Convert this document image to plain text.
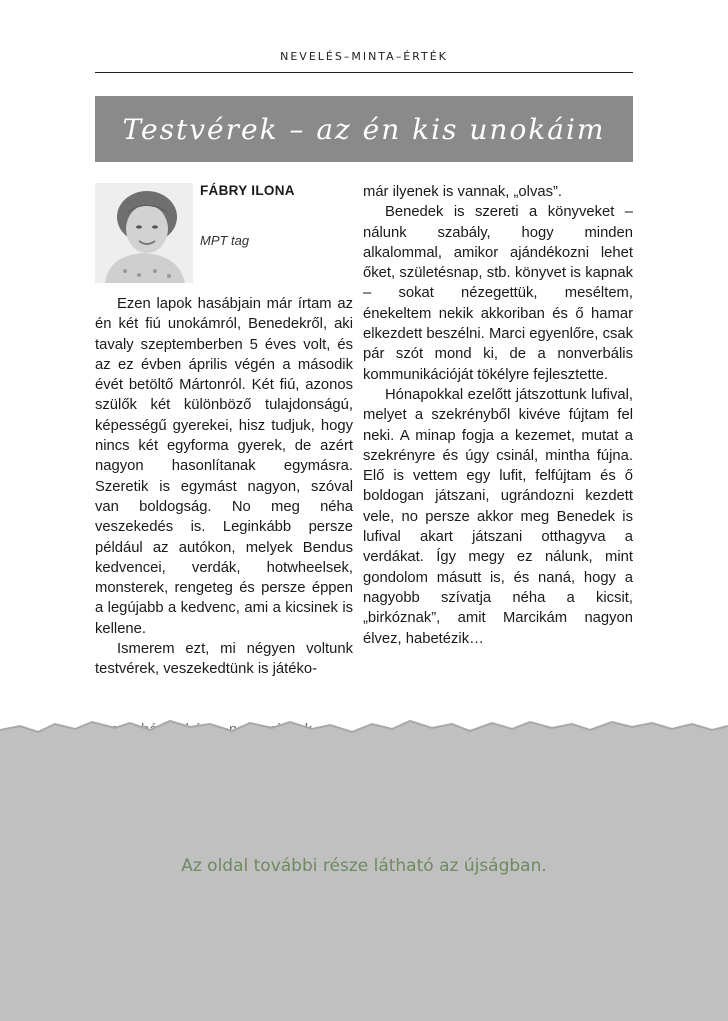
NEVELÉS–MINTA–ÉRTÉK
Testvérek – az én kis unokáim
FÁBRY ILONA
MPT tag

Ezen lapok hasábjain már írtam az én két fiú unokámról, Benedekről, aki tavaly szeptemberben 5 éves volt, és az ez évben április végén a második évét betöltő Mártonról. Két fiú, azonos szülők két különböző tulajdonságú, képességű gyerekei, hisz tudjuk, hogy nincs két egyforma gyerek, de azért nagyon hasonlítanak egymásra. Szeretik is egymást nagyon, szóval van boldogság. No meg néha veszekedés is. Leginkább persze például az autókon, melyek Bendus kedvencei, verdák, hotwheelsek, monsterek, rengeteg és persze éppen a legújabb a kedvenc, ami a kicsinek is kellene.

Ismerem ezt, mi négyen voltunk testvérek, veszekedtünk is játéko-

már ilyenek is vannak, „olvas”.

Benedek is szereti a könyveket – nálunk szabály, hogy minden alkalommal, amikor ajándékozni lehet őket, születésnap, stb. könyvet is kapnak – sokat nézegettük, meséltem, énekeltem nekik akkoriban és ő hamar elkezdett beszélni. Marci egyenlőre, csak pár szót mond ki, de a nonverbális kommunikációját tökélyre fejlesztette.

Hónapokkal ezelőtt játszottunk lufival, melyet a szekrényből kivéve fújtam fel neki. A minap fogja a kezemet, mutat a szekrényre és úgy csinál, mintha fújna. Elő is vettem egy lufit, felfújtam és ő boldogan játszani, ugrándozni kezdett vele, no persze akkor meg Benedek is lufival akart játszani otthagyva a verdákat. Így megy ez nálunk, mint gondolom másutt is, és naná, hogy a nagyobb szívatja néha a kicsit, „birkóznak”, amit Marcikám nagyon élvez, habetézik…

Az oldal további része látható az újságban.
